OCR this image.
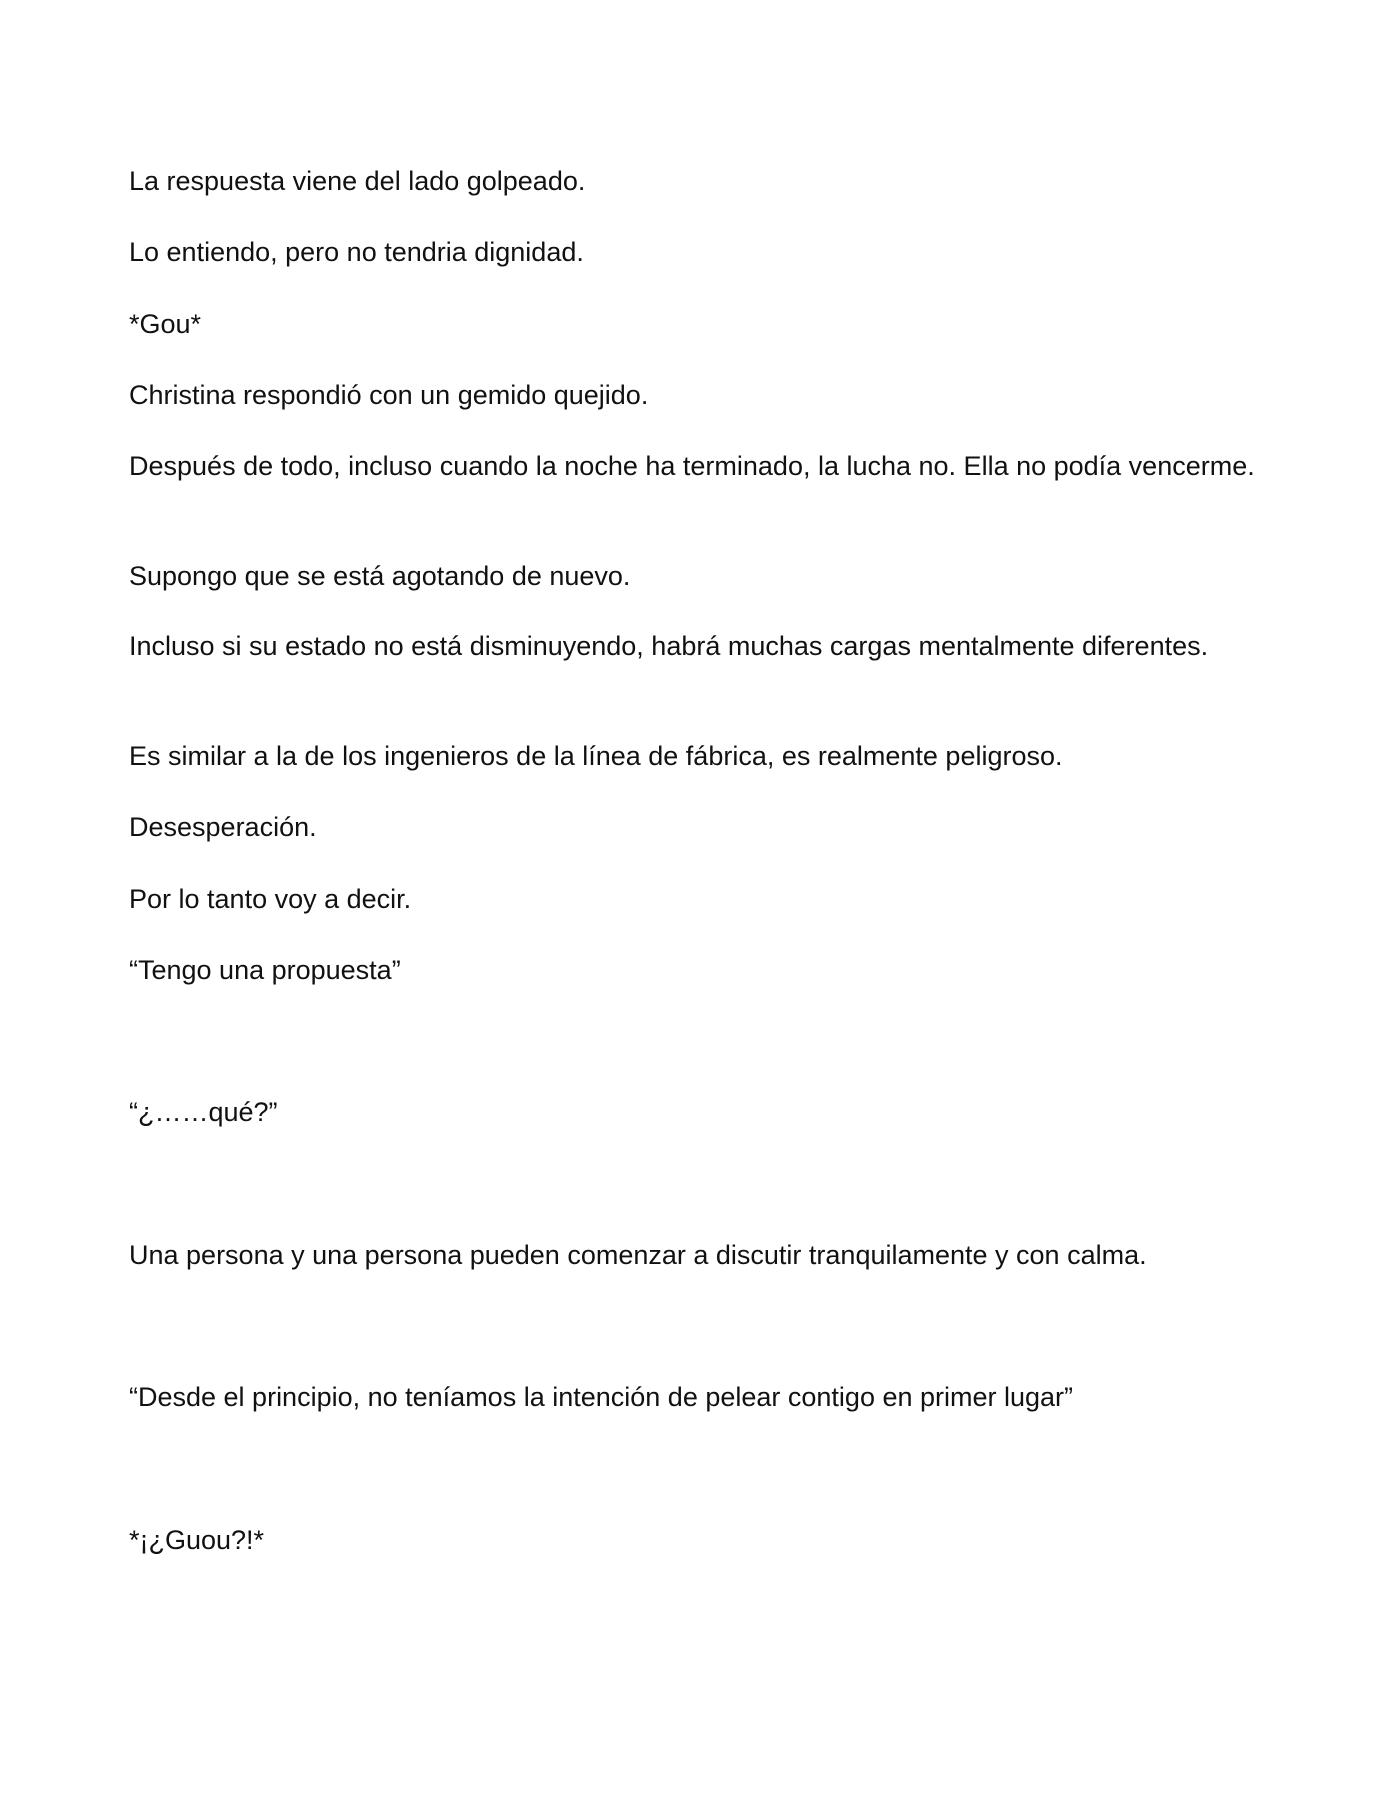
La respuesta viene del lado golpeado.

Lo entiendo, pero no tendria dignidad.

*Gou*

Christina respondió con un gemido quejido.

Después de todo, incluso cuando la noche ha terminado, la lucha no. Ella no podía vencerme.

Supongo que se está agotando de nuevo.

Incluso si su estado no está disminuyendo, habrá muchas cargas mentalmente diferentes.

Es similar a la de los ingenieros de la línea de fábrica, es realmente peligroso.

Desesperación.

Por lo tanto voy a decir.

“Tengo una propuesta”

“¿……qué?”

Una persona y una persona pueden comenzar a discutir tranquilamente y con calma.

“Desde el principio, no teníamos la intención de pelear contigo en primer lugar”

*¡¿Guou?!*
